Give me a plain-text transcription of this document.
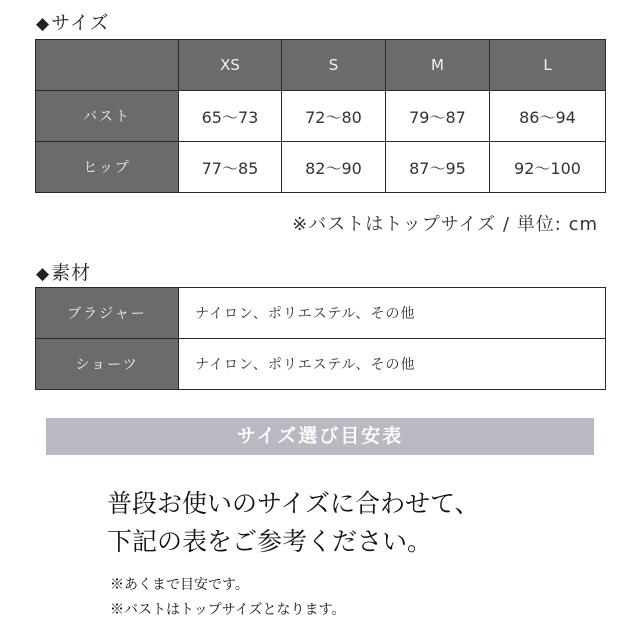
◆サイズ
	XS	S	M	L
バスト	65〜73	72〜80	79〜87	86〜94
ヒップ	77〜85	82〜90	87〜95	92〜100
※バストはトップサイズ / 単位: cm
◆素材
ブラジャー	ナイロン、ポリエステル、その他
ショーツ	ナイロン、ポリエステル、その他
サイズ選び目安表
普段お使いのサイズに合わせて、
下記の表をご参考ください。
※あくまで目安です。
※バストはトップサイズとなります。
